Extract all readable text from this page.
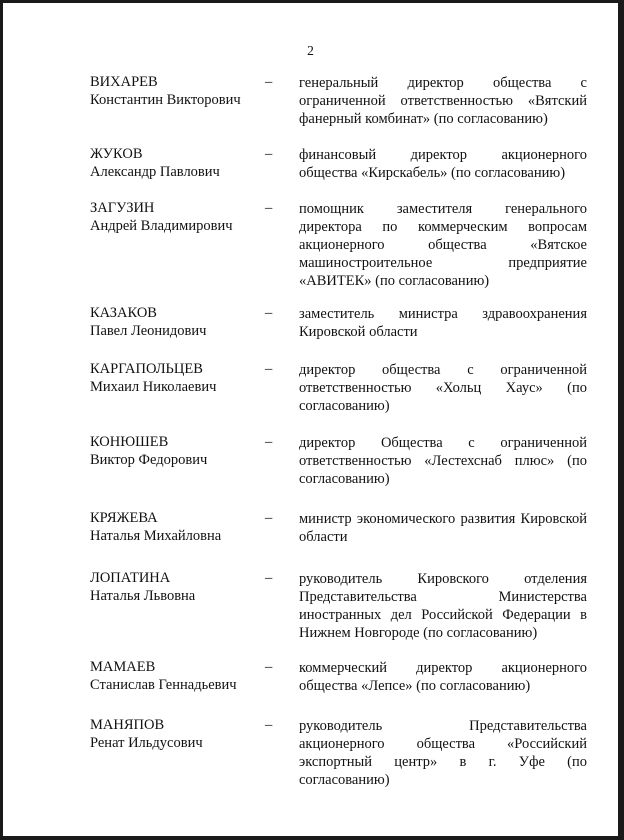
2
ВИХАРЕВ
Константин Викторович
– генеральный директор общества с ограниченной ответственностью «Вятский фанерный комбинат» (по согласованию)
ЖУКОВ
Александр Павлович
– финансовый директор акционерного общества «Кирскабель» (по согласованию)
ЗАГУЗИН
Андрей Владимирович
– помощник заместителя генерального директора по коммерческим вопросам акционерного общества «Вятское машиностроительное предприятие «АВИТЕК» (по согласованию)
КАЗАКОВ
Павел Леонидович
– заместитель министра здравоохранения Кировской области
КАРГАПОЛЬЦЕВ
Михаил Николаевич
– директор общества с ограниченной ответственностью «Хольц Хаус» (по согласованию)
КОНЮШЕВ
Виктор Федорович
– директор Общества с ограниченной ответственностью «Лестехснаб плюс» (по согласованию)
КРЯЖЕВА
Наталья Михайловна
– министр экономического развития Кировской области
ЛОПАТИНА
Наталья Львовна
– руководитель Кировского отделения Представительства Министерства иностранных дел Российской Федерации в Нижнем Новгороде (по согласованию)
МАМАЕВ
Станислав Геннадьевич
– коммерческий директор акционерного общества «Лепсе» (по согласованию)
МАНЯПОВ
Ренат Ильдусович
– руководитель Представительства акционерного общества «Российский экспортный центр» в г. Уфе (по согласованию)
